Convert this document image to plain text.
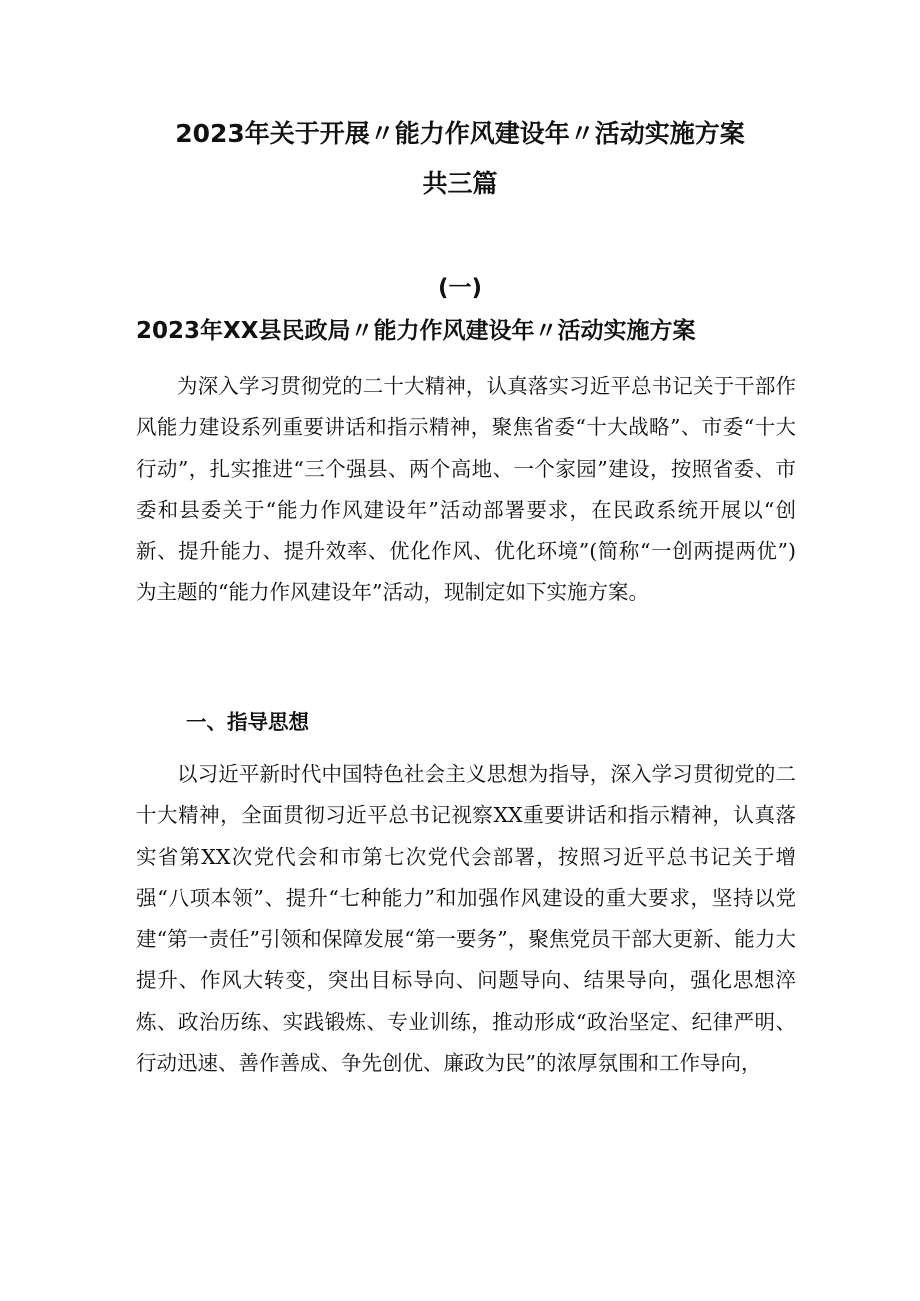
2023年关于开展〃能力作风建设年〃活动实施方案
共三篇
(一)
2023年XX县民政局〃能力作风建设年〃活动实施方案

为深入学习贯彻党的二十大精神，认真落实习近平总书记关于干部作风能力建设系列重要讲话和指示精神，聚焦省委“十大战略”、市委“十大行动”，扎实推进“三个强县、两个高地、一个家园”建设，按照省委、市委和县委关于“能力作风建设年”活动部署要求，在民政系统开展以“创新、提升能力、提升效率、优化作风、优化环境”(简称“一创两提两优”)为主题的“能力作风建设年”活动，现制定如下实施方案。

一、指导思想

以习近平新时代中国特色社会主义思想为指导，深入学习贯彻党的二十大精神，全面贯彻习近平总书记视察XX重要讲话和指示精神，认真落实省第XX次党代会和市第七次党代会部署，按照习近平总书记关于增强“八项本领”、提升“七种能力”和加强作风建设的重大要求，坚持以党建“第一责任”引领和保障发展“第一要务”，聚焦党员干部大更新、能力大提升、作风大转变，突出目标导向、问题导向、结果导向，强化思想淬炼、政治历练、实践锻炼、专业训练，推动形成“政治坚定、纪律严明、行动迅速、善作善成、争先创优、廉政为民”的浓厚氛围和工作导向，
